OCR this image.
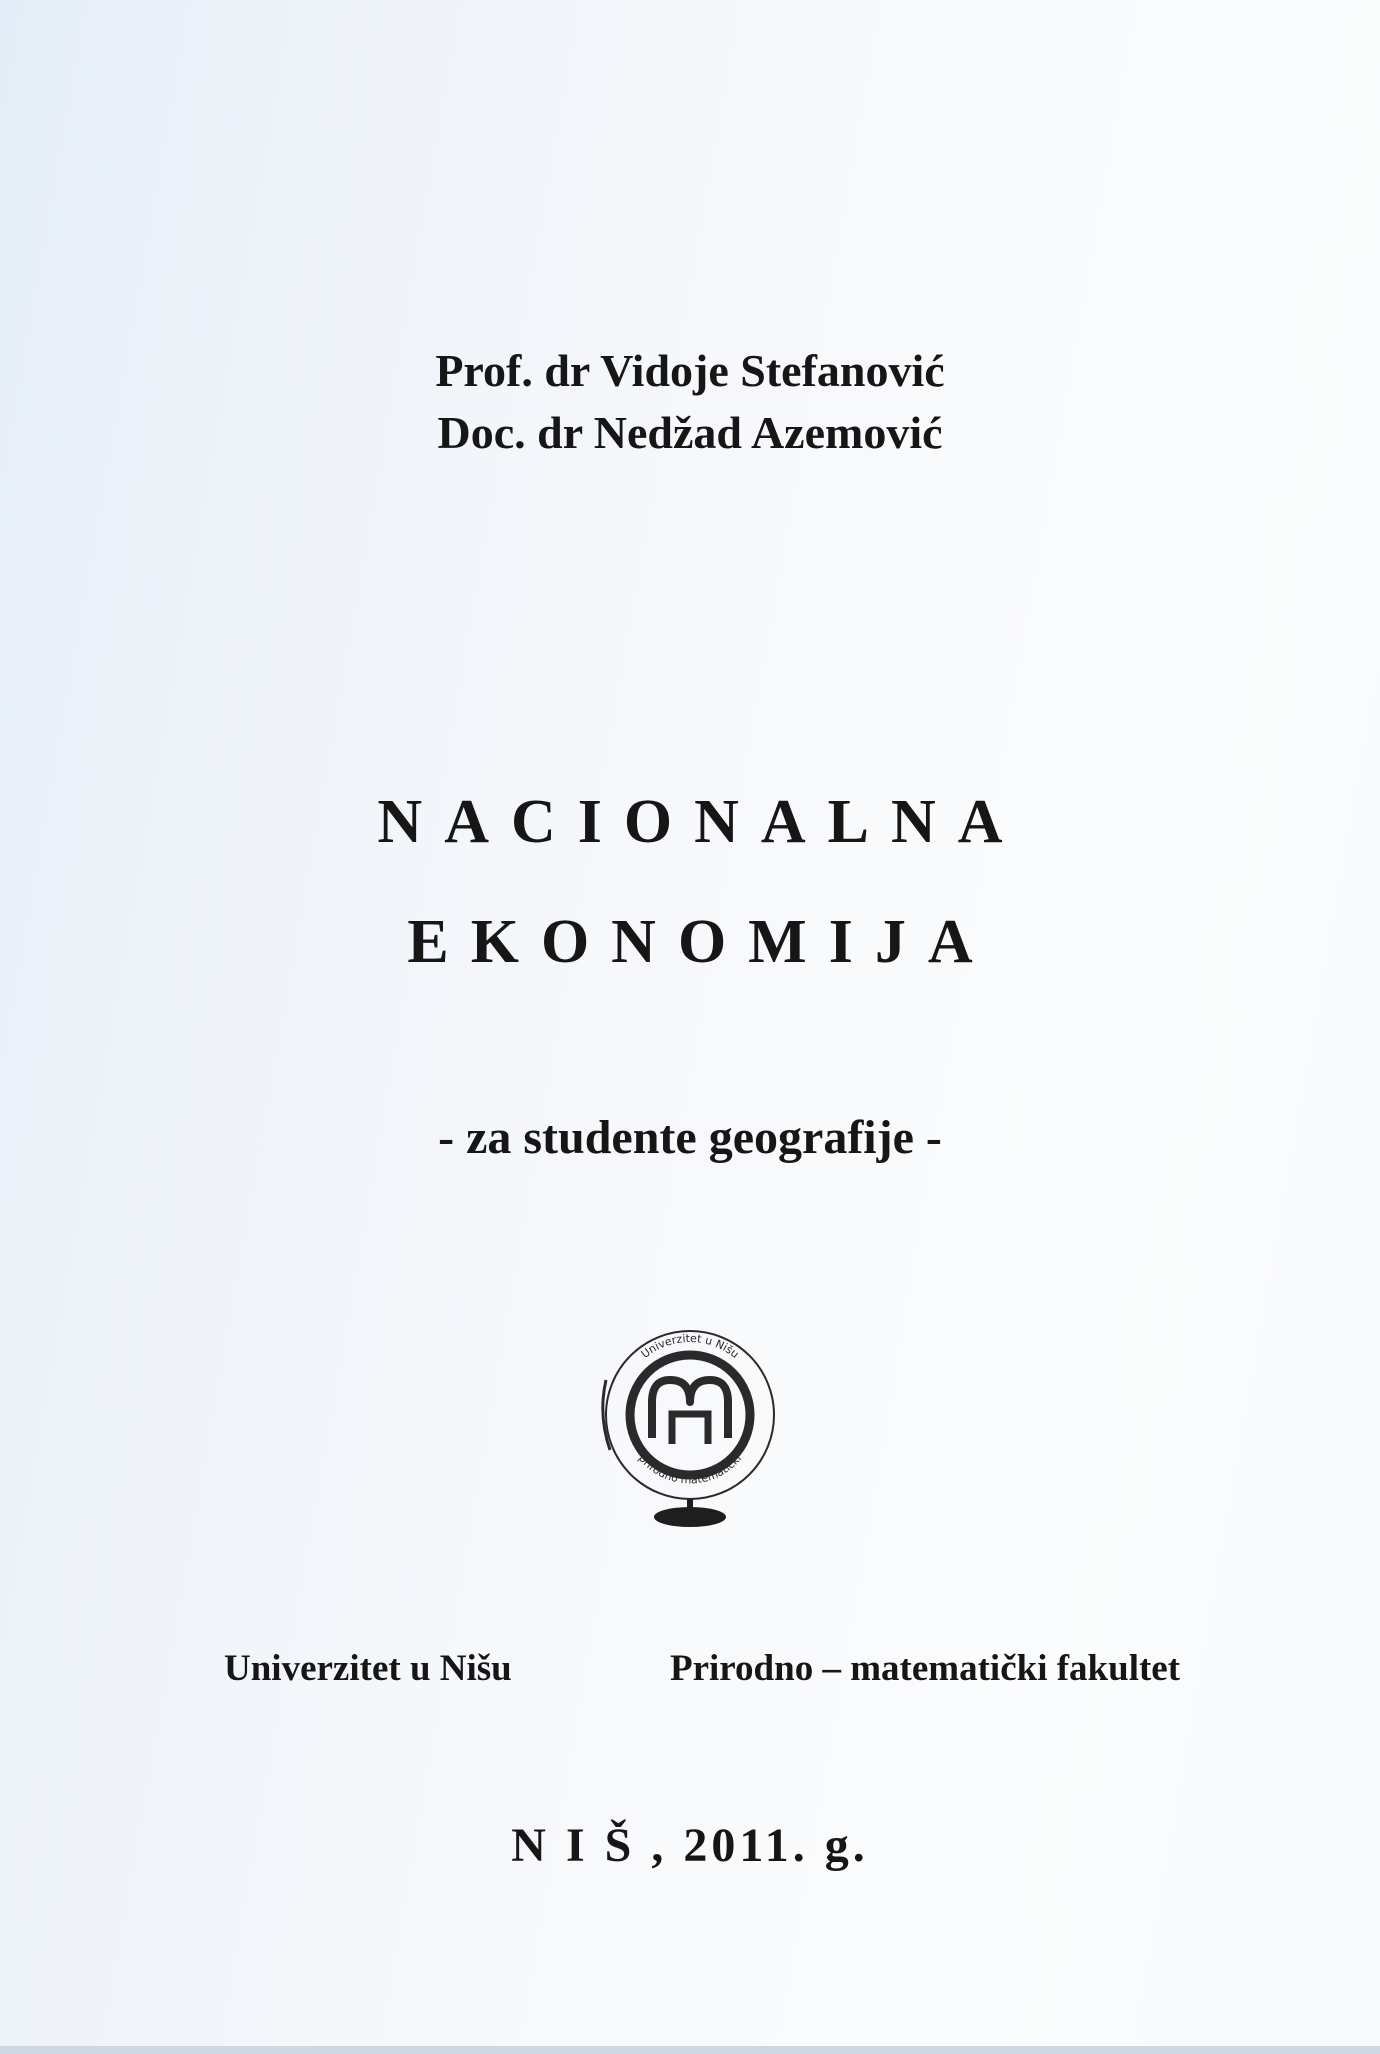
Prof. dr Vidoje Stefanović
Doc. dr Nedžad Azemović
NACIONALNA
EKONOMIJA
- za studente geografije -
Univerzitet u Nišu
prirodno matematički
Univerzitet u Nišu	Prirodno – matematički fakultet
N I Š , 2011. g.
